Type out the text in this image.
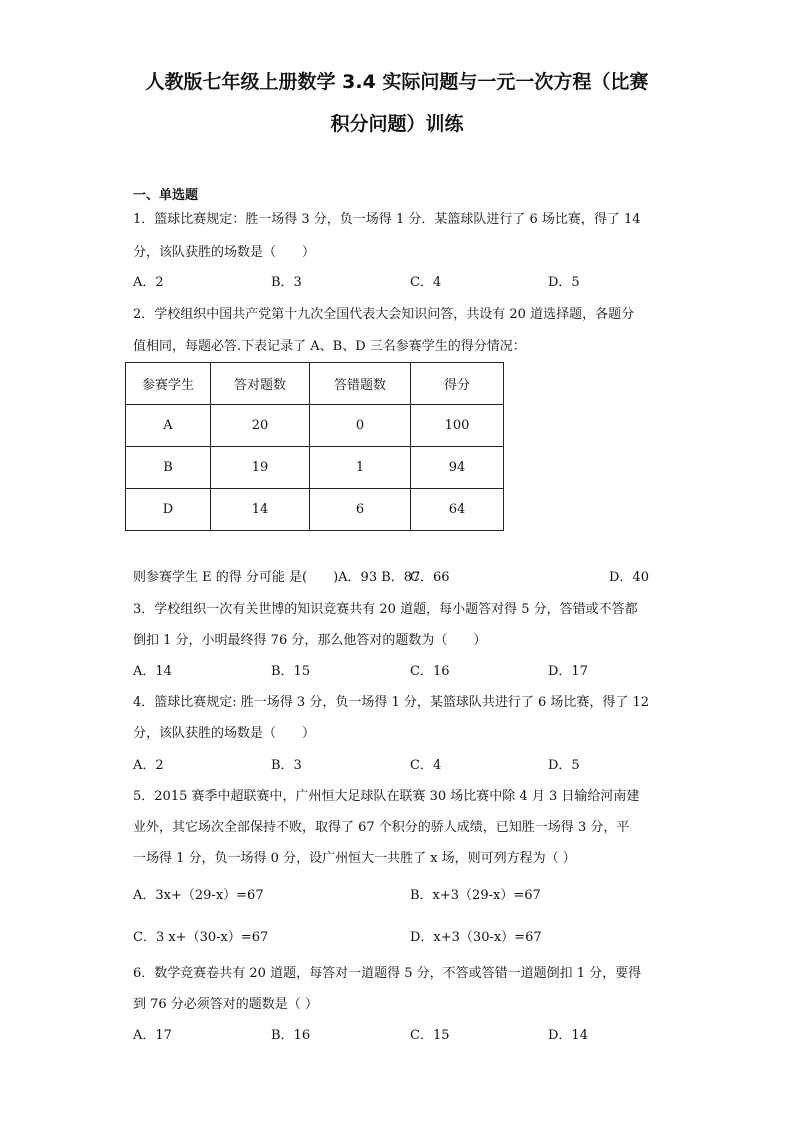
人教版七年级上册数学 3.4 实际问题与一元一次方程（比赛
积分问题）训练
一、单选题
1．篮球比赛规定：胜一场得 3 分，负一场得 1 分．某篮球队进行了 6 场比赛，得了 14
分，该队获胜的场数是（　　）
A．2	B．3	C．4	D．5
2．学校组织中国共产党第十九次全国代表大会知识问答，共设有 20 道选择题，各题分
值相同，每题必答.下表记录了 A、B、D 三名参赛学生的得分情况：
参赛学生	答对题数	答错题数	得分
A	20	0	100
B	19	1	94
D	14	6	64
则参赛学生 E 的得 分可能 是(　　)A．93 B．87
C．66	D．40
3．学校组织一次有关世博的知识竞赛共有 20 道题，每小题答对得 5 分，答错或不答都
倒扣 1 分，小明最终得 76 分，那么他答对的题数为（　　）
A．14	B．15	C．16	D．17
4．篮球比赛规定: 胜一场得 3 分，负一场得 1 分，某篮球队共进行了 6 场比赛，得了 12
分，该队获胜的场数是（　　）
A．2	B．3	C．4	D．5
5．2015 赛季中超联赛中，广州恒大足球队在联赛 30 场比赛中除 4 月 3 日输给河南建
业外，其它场次全部保持不败，取得了 67 个积分的骄人成绩，已知胜一场得 3 分，平
一场得 1 分，负一场得 0 分，设广州恒大一共胜了 x 场，则可列方程为（ ）
A．3x+（29-x）=67	B．x+3（29-x）=67
C．3 x+（30-x）=67	D．x+3（30-x）=67
6．数学竞赛卷共有 20 道题，每答对一道题得 5 分，不答或答错一道题倒扣 1 分，要得
到 76 分必须答对的题数是（ ）
A．17	B．16	C．15	D．14
